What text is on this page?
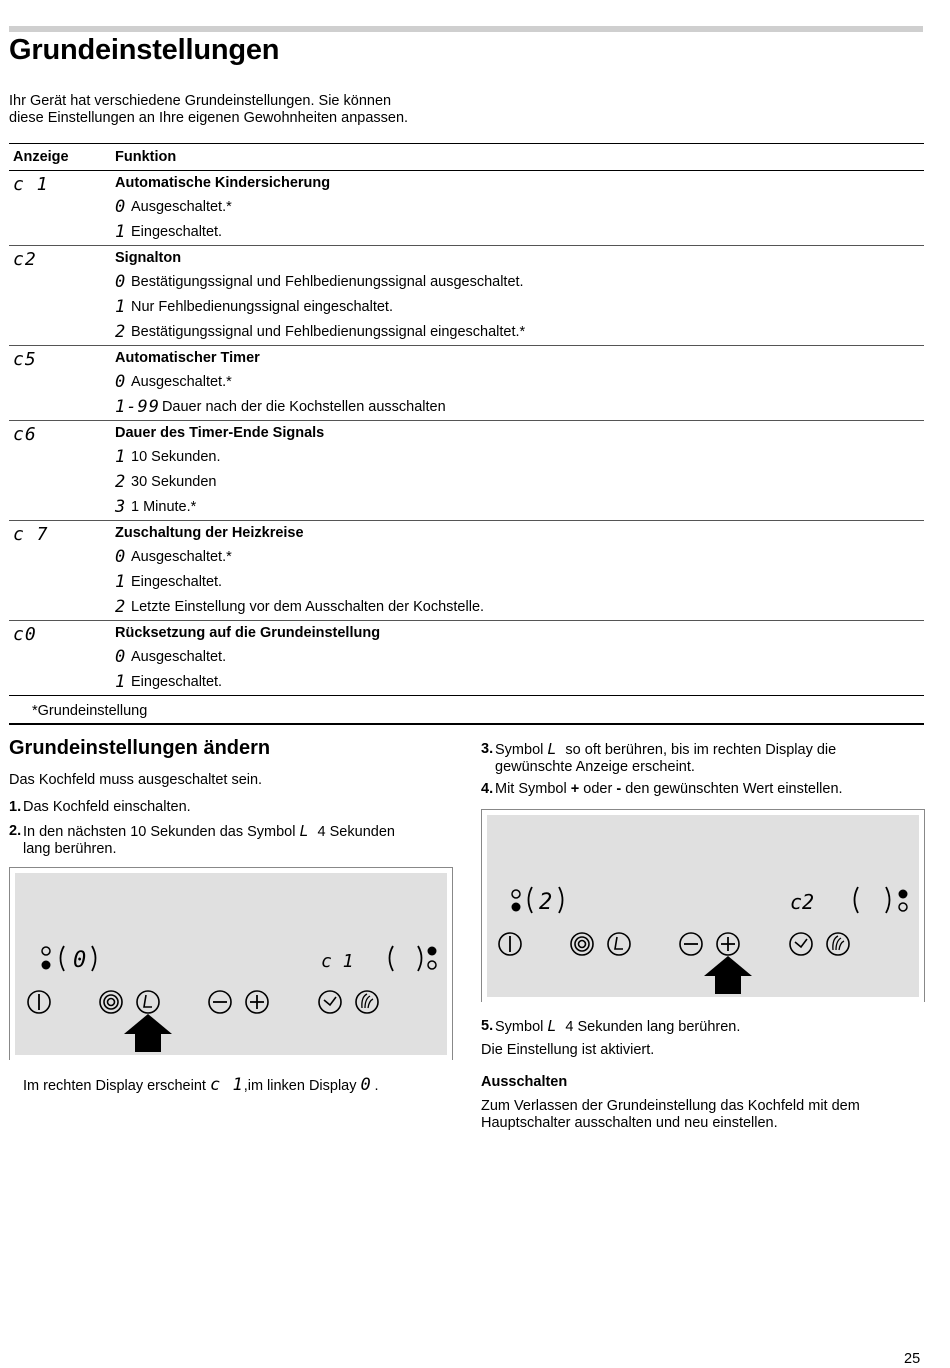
Grundeinstellungen
Ihr Gerät hat verschiedene Grundeinstellungen. Sie können
diese Einstellungen an Ihre eigenen Gewohnheiten anpassen.
Anzeige	Funktion
c 1	Automatische Kindersicherung
0 Ausgeschaltet.*
1 Eingeschaltet.
c2	Signalton
0 Bestätigungssignal und Fehlbedienungssignal ausgeschaltet.
1 Nur Fehlbedienungssignal eingeschaltet.
2 Bestätigungssignal und Fehlbedienungssignal eingeschaltet.*
c5	Automatischer Timer
0 Ausgeschaltet.*
1-99 Dauer nach der die Kochstellen ausschalten
c6	Dauer des Timer-Ende Signals
1 10 Sekunden.
2 30 Sekunden
3 1 Minute.*
c 7	Zuschaltung der Heizkreise
0 Ausgeschaltet.*
1 Eingeschaltet.
2 Letzte Einstellung vor dem Ausschalten der Kochstelle.
c0	Rücksetzung auf die Grundeinstellung
0 Ausgeschaltet.
1 Eingeschaltet.
*Grundeinstellung
Grundeinstellungen ändern
Das Kochfeld muss ausgeschaltet sein.
1. Das Kochfeld einschalten.
2. In den nächsten 10 Sekunden das Symbol L 4 Sekunden
lang berühren.
0	c 1
Im rechten Display erscheint c 1,im linken Display 0 .
3. Symbol L so oft berühren, bis im rechten Display die
gewünschte Anzeige erscheint.
4. Mit Symbol + oder - den gewünschten Wert einstellen.
2	c2
5. Symbol L 4 Sekunden lang berühren.
Die Einstellung ist aktiviert.
Ausschalten
Zum Verlassen der Grundeinstellung das Kochfeld mit dem
Hauptschalter ausschalten und neu einstellen.
25
